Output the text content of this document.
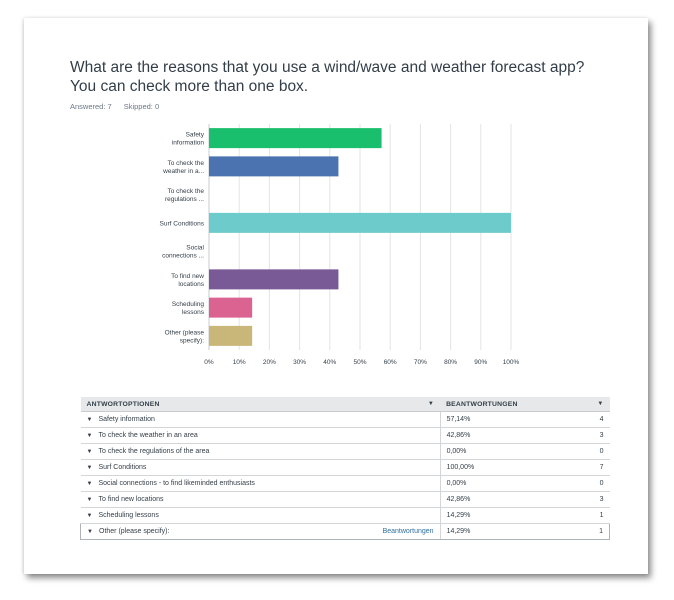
What are the reasons that you use a wind/wave and weather forecast app? You can check more than one box.
Answered: 7 Skipped: 0
0%	10%	20%	30%	40%	50%	60%	70%	80%	90% 100%
Safety
information
To check the
weather in a...
To check the
regulations ...
Surf Conditions
Social
connections ...
To find new
locations
Scheduling
lessons
Other (please
specify):
ANTWORTOPTIONEN ▼	BEANTWORTUNGEN ▼	

▼ Safety information	57,14%	4
▼ To check the weather in an area	42,86%	3
▼ To check the regulations of the area	0,00%	0
▼ Surf Conditions	100,00%	7
▼ Social connections - to find likeminded enthusiasts	0,00%	0
▼ To find new locations	42,86%	3
▼ Scheduling lessons	14,29%	1
▼ Other (please specify): Beantwortungen	14,29%	1
